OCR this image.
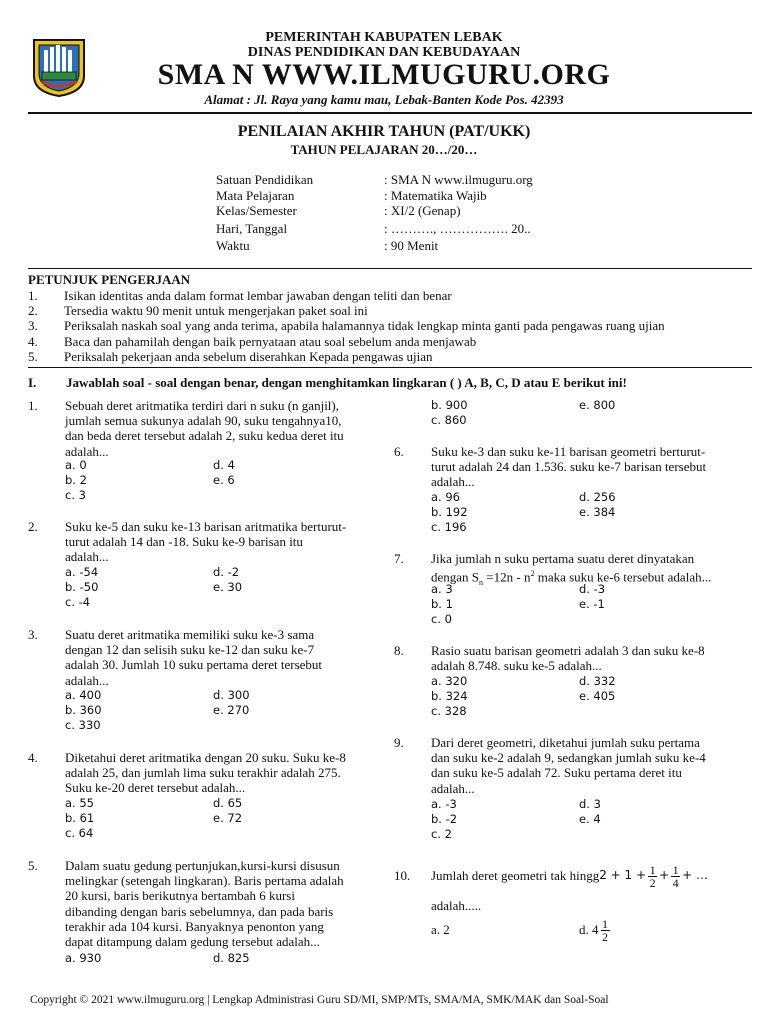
PEMERINTAH KABUPATEN LEBAK
DINAS PENDIDIKAN DAN KEBUDAYAAN
SMA N WWW.ILMUGURU.ORG
Alamat : Jl. Raya yang kamu mau, Lebak-Banten Kode Pos. 42393
PENILAIAN AKHIR TAHUN (PAT/UKK)
TAHUN PELAJARAN 20…/20…
Satuan Pendidikan	: SMA N www.ilmuguru.org
Mata Pelajaran	: Matematika Wajib
Kelas/Semester	: XI/2 (Genap)
Hari, Tanggal	: ………., ……………. 20..
Waktu	: 90 Menit
PETUNJUK PENGERJAAN
1.	Isikan identitas anda dalam format lembar jawaban dengan teliti dan benar
2.	Tersedia waktu 90 menit untuk mengerjakan paket soal ini
3.	Periksalah naskah soal yang anda terima, apabila halamannya tidak lengkap minta ganti pada pengawas ruang ujian
4.	Baca dan pahamilah dengan baik pernyataan atau soal sebelum anda menjawab
5.	Periksalah pekerjaan anda sebelum diserahkan Kepada pengawas ujian
I.	Jawablah soal - soal dengan benar, dengan menghitamkan lingkaran ( ) A, B, C, D atau E berikut ini!
1. Sebuah deret aritmatika terdiri dari n suku (n ganjil),
jumlah semua sukunya adalah 90, suku tengahnya10,
dan beda deret tersebut adalah 2, suku kedua deret itu
adalah...
a. 0	d. 4
b. 2	e. 6
c. 3
2. Suku ke-5 dan suku ke-13 barisan aritmatika berturut-
turut adalah 14 dan -18. Suku ke-9 barisan itu
adalah...
a. -54	d. -2
b. -50	e. 30
c. -4
3. Suatu deret aritmatika memiliki suku ke-3 sama
dengan 12 dan selisih suku ke-12 dan suku ke-7
adalah 30. Jumlah 10 suku pertama deret tersebut
adalah...
a. 400	d. 300
b. 360	e. 270
c. 330
4. Diketahui deret aritmatika dengan 20 suku. Suku ke-8
adalah 25, dan jumlah lima suku terakhir adalah 275.
Suku ke-20 deret tersebut adalah...
a. 55	d. 65
b. 61	e. 72
c. 64
5. Dalam suatu gedung pertunjukan,kursi-kursi disusun
melingkar (setengah lingkaran). Baris pertama adalah
20 kursi, baris berikutnya bertambah 6 kursi
dibanding dengan baris sebelumnya, dan pada baris
terakhir ada 104 kursi. Banyaknya penonton yang
dapat ditampung dalam gedung tersebut adalah...
a. 930	d. 825
b. 900	e. 800
c. 860
6. Suku ke-3 dan suku ke-11 barisan geometri berturut-
turut adalah 24 dan 1.536. suku ke-7 barisan tersebut
adalah...
a. 96	d. 256
b. 192	e. 384
c. 196
7. Jika jumlah n suku pertama suatu deret dinyatakan
dengan $S_n =12n - n^2$ maka suku ke-6 tersebut adalah...
a. 3	d. -3
b. 1	e. -1
c. 0
8. Rasio suatu barisan geometri adalah 3 dan suku ke-8
adalah 8.748. suku ke-5 adalah...
a. 320	d. 332
b. 324	e. 405
c. 328
9. Dari deret geometri, diketahui jumlah suku pertama
dan suku ke-2 adalah 9, sedangkan jumlah suku ke-4
dan suku ke-5 adalah 72. Suku pertama deret itu
adalah...
a. -3	d. 3
b. -2	e. 4
c. 2
10. Jumlah deret geometri tak hingg $2 + 1 + \frac{1}{2} + \frac{1}{4}$ + …
adalah.....
a. 2	d. $4 \frac{1}{2}$
Copyright © 2021 www.ilmuguru.org | Lengkap Administrasi Guru SD/MI, SMP/MTs, SMA/MA, SMK/MAK dan Soal-Soal
